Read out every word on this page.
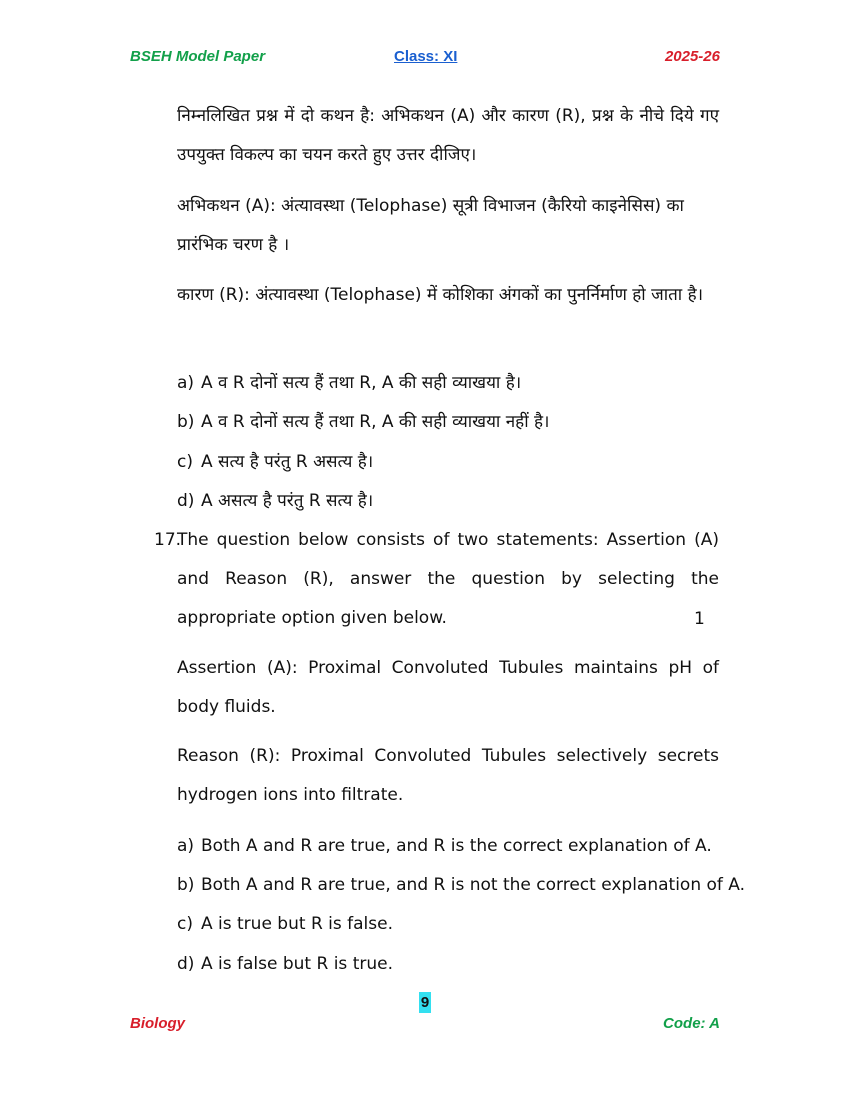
BSEH Model Paper	Class: XI	2025-26

निम्नलिखित प्रश्न में दो कथन है: अभिकथन (A) और कारण (R), प्रश्न के नीचे दिये गए उपयुक्त विकल्प का चयन करते हुए उत्तर दीजिए।

अभिकथन (A): अंत्यावस्था (Telophase) सूत्री विभाजन (कैरियो काइनेसिस) का प्रारंभिक चरण है ।

कारण (R): अंत्यावस्था (Telophase) में कोशिका अंगकों का पुनर्निर्माण हो जाता है।

a) A व R दोनों सत्य हैं तथा R, A की सही व्याखया है।
b) A व R दोनों सत्य हैं तथा R, A की सही व्याखया नहीं है।
c) A सत्य है परंतु R असत्य है।
d) A असत्य है परंतु R सत्य है।
17.

The question below consists of two statements: Assertion (A) and Reason (R), answer the question by selecting the appropriate option given below.	1

Assertion (A): Proximal Convoluted Tubules maintains pH of body fluids.

Reason (R): Proximal Convoluted Tubules selectively secrets hydrogen ions into filtrate.

a) Both A and R are true, and R is the correct explanation of A.
b) Both A and R are true, and R is not the correct explanation of A.
c) A is true but R is false.
d) A is false but R is true.
9
Biology	Code: A
